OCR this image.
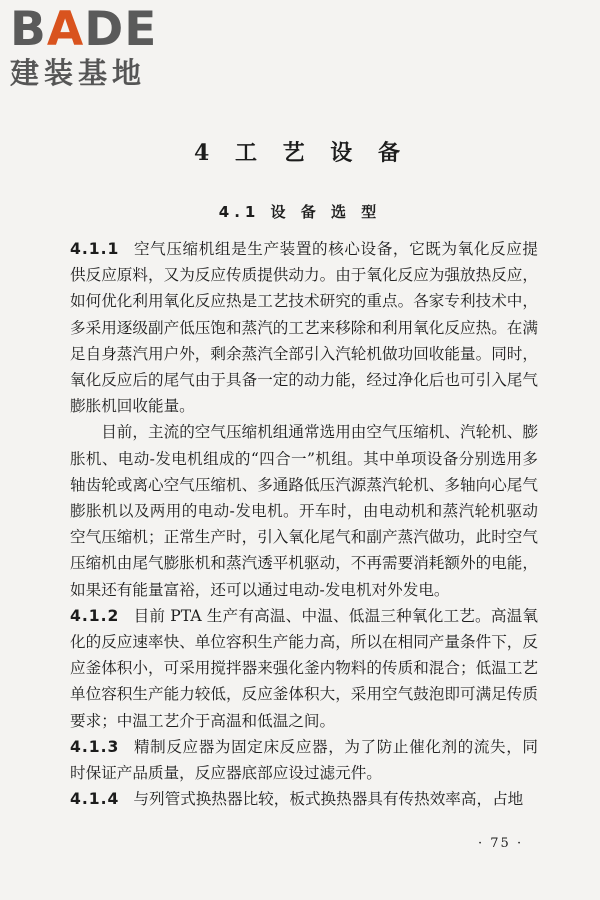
BADE
建装基地
4 工 艺 设 备
4.1 设 备 选 型

4.1.1 空气压缩机组是生产装置的核心设备，它既为氧化反应提供反应原料，又为反应传质提供动力。由于氧化反应为强放热反应，如何优化利用氧化反应热是工艺技术研究的重点。各家专利技术中，多采用逐级副产低压饱和蒸汽的工艺来移除和利用氧化反应热。在满足自身蒸汽用户外，剩余蒸汽全部引入汽轮机做功回收能量。同时，氧化反应后的尾气由于具备一定的动力能，经过净化后也可引入尾气膨胀机回收能量。

目前，主流的空气压缩机组通常选用由空气压缩机、汽轮机、膨胀机、电动-发电机组成的“四合一”机组。其中单项设备分别选用多轴齿轮或离心空气压缩机、多通路低压汽源蒸汽轮机、多轴向心尾气膨胀机以及两用的电动-发电机。开车时，由电动机和蒸汽轮机驱动空气压缩机；正常生产时，引入氧化尾气和副产蒸汽做功，此时空气压缩机由尾气膨胀机和蒸汽透平机驱动，不再需要消耗额外的电能，如果还有能量富裕，还可以通过电动-发电机对外发电。

4.1.2 目前 PTA 生产有高温、中温、低温三种氧化工艺。高温氧化的反应速率快、单位容积生产能力高，所以在相同产量条件下，反应釜体积小，可采用搅拌器来强化釜内物料的传质和混合；低温工艺单位容积生产能力较低，反应釜体积大，采用空气鼓泡即可满足传质要求；中温工艺介于高温和低温之间。

4.1.3 精制反应器为固定床反应器，为了防止催化剂的流失，同时保证产品质量，反应器底部应设过滤元件。

4.1.4 与列管式换热器比较，板式换热器具有传热效率高，占地

· 75 ·
